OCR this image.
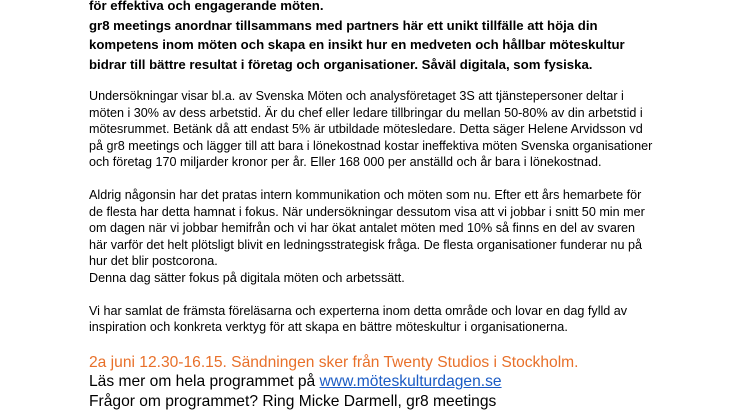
för effektiva och engagerande möten.
gr8 meetings anordnar tillsammans med partners här ett unikt tillfälle att höja din
kompetens inom möten och skapa en insikt hur en medveten och hållbar möteskultur
bidrar till bättre resultat i företag och organisationer. Såväl digitala, som fysiska.
Undersökningar visar bl.a. av Svenska Möten och analysföretaget 3S att tjänstepersoner deltar i
möten i 30% av dess arbetstid. Är du chef eller ledare tillbringar du mellan 50-80% av din arbetstid i
mötesrummet. Betänk då att endast 5% är utbildade mötesledare. Detta säger Helene Arvidsson vd
på gr8 meetings och lägger till att bara i lönekostnad kostar ineffektiva möten Svenska organisationer
och företag 170 miljarder kronor per år. Eller 168 000 per anställd och år bara i lönekostnad.
Aldrig någonsin har det pratas intern kommunikation och möten som nu. Efter ett års hemarbete för
de flesta har detta hamnat i fokus. När undersökningar dessutom visa att vi jobbar i snitt 50 min mer
om dagen när vi jobbar hemifrån och vi har ökat antalet möten med 10% så finns en del av svaren
här varför det helt plötsligt blivit en ledningsstrategisk fråga. De flesta organisationer funderar nu på
hur det blir postcorona.
Denna dag sätter fokus på digitala möten och arbetssätt.
Vi har samlat de främsta föreläsarna och experterna inom detta område och lovar en dag fylld av
inspiration och konkreta verktyg för att skapa en bättre möteskultur i organisationerna.

2a juni 12.30-16.15. Sändningen sker från Twenty Studios i Stockholm.

Läs mer om hela programmet på www.möteskulturdagen.se

Frågor om programmet? Ring Micke Darmell, gr8 meetings
